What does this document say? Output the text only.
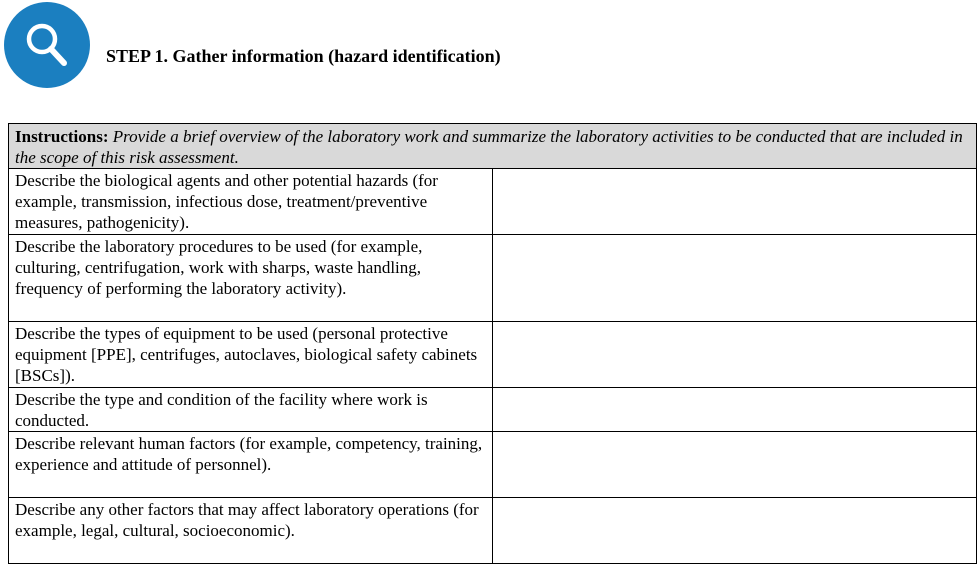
STEP 1. Gather information (hazard identification)
Instructions: Provide a brief overview of the laboratory work and summarize the laboratory activities to be conducted that are included in the scope of this risk assessment.	
Describe the biological agents and other potential hazards (for example, transmission, infectious dose, treatment/preventive measures, pathogenicity).	
Describe the laboratory procedures to be used (for example, culturing, centrifugation, work with sharps, waste handling, frequency of performing the laboratory activity).	
Describe the types of equipment to be used (personal protective equipment [PPE], centrifuges, autoclaves, biological safety cabinets [BSCs]).	
Describe the type and condition of the facility where work is conducted.	
Describe relevant human factors (for example, competency, training, experience and attitude of personnel).	
Describe any other factors that may affect laboratory operations (for example, legal, cultural, socioeconomic).	
